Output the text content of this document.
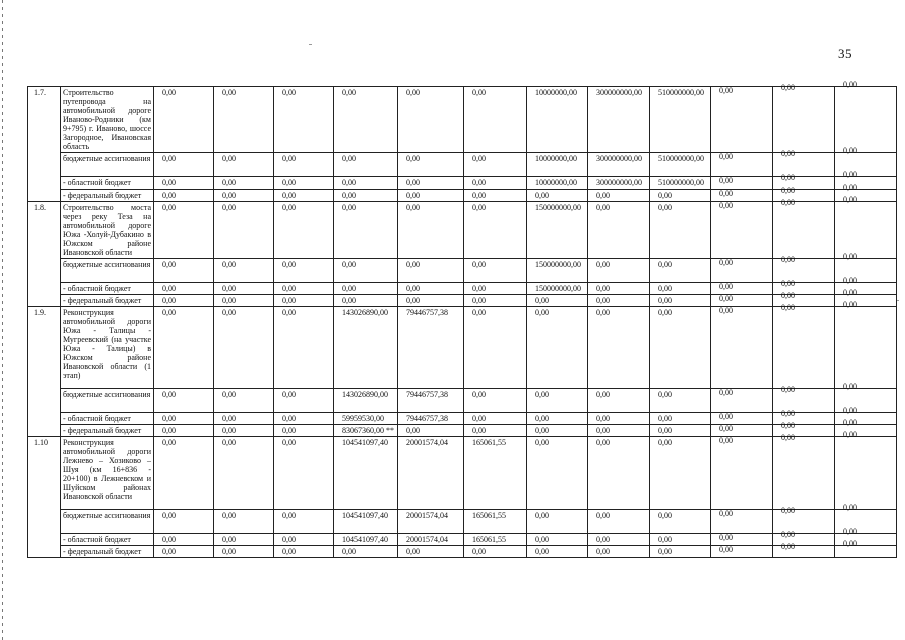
35
1.7.	Строительство путепровода на автомобильной дороге Иваново-Родники (км 9+795) г. Иваново, шоссе Загородное, Ивановская область	0,00	0,00	0,00	0,00	0,00	0,00	10000000,00	300000000,00	510000000,00	0,00	0,00	0,00

	бюджетные ассигнования	0,00	0,00	0,00	0,00	0,00	0,00	10000000,00	300000000,00	510000000,00	0,00	0,00	0,00

	- областной бюджет	0,00	0,00	0,00	0,00	0,00	0,00	10000000,00	300000000,00	510000000,00	0,00	0,00	0,00

	- федеральный бюджет	0,00	0,00	0,00	0,00	0,00	0,00	0,00	0,00	0,00	0,00	0,00	0,00

1.8.	Строительство моста через реку Теза на автомобильной дороге Южа -Холуй-Дубакино в Южском районе Ивановской области	0,00	0,00	0,00	0,00	0,00	0,00	150000000,00	0,00	0,00	0,00	0,00	0,00

	бюджетные ассигнования	0,00	0,00	0,00	0,00	0,00	0,00	150000000,00	0,00	0,00	0,00	0,00	0,00

	- областной бюджет	0,00	0,00	0,00	0,00	0,00	0,00	150000000,00	0,00	0,00	0,00	0,00	0,00

	- федеральный бюджет	0,00	0,00	0,00	0,00	0,00	0,00	0,00	0,00	0,00	0,00	0,00	0,00

1.9.	Реконструкция автомобильной дороги Южа - Талицы - Мугреевский (на участке Южа - Талицы) в Южском районе Ивановской области (1 этап)	0,00	0,00	0,00	143026890,00	79446757,38	0,00	0,00	0,00	0,00	0,00	0,00	0,00

	бюджетные ассигнования	0,00	0,00	0,00	143026890,00	79446757,38	0,00	0,00	0,00	0,00	0,00	0,00	0,00

	- областной бюджет	0,00	0,00	0,00	59959530,00	79446757,38	0,00	0,00	0,00	0,00	0,00	0,00	0,00

	- федеральный бюджет	0,00	0,00	0,00	83067360,00 **	0,00	0,00	0,00	0,00	0,00	0,00	0,00	0,00

1.10	Реконструкция автомобильной дороги Лежнево – Хозиково – Шуя (км 16+836 - 20+100) в Лежневском и Шуйском районах Ивановской области	0,00	0,00	0,00	104541097,40	20001574,04	165061,55	0,00	0,00	0,00	0,00	0,00	0,00

	бюджетные ассигнования	0,00	0,00	0,00	104541097,40	20001574,04	165061,55	0,00	0,00	0,00	0,00	0,00	0,00

	- областной бюджет	0,00	0,00	0,00	104541097,40	20001574,04	165061,55	0,00	0,00	0,00	0,00	0,00	0,00

	- федеральный бюджет	0,00	0,00	0,00	0,00	0,00	0,00	0,00	0,00	0,00	0,00	0,00	0,00
